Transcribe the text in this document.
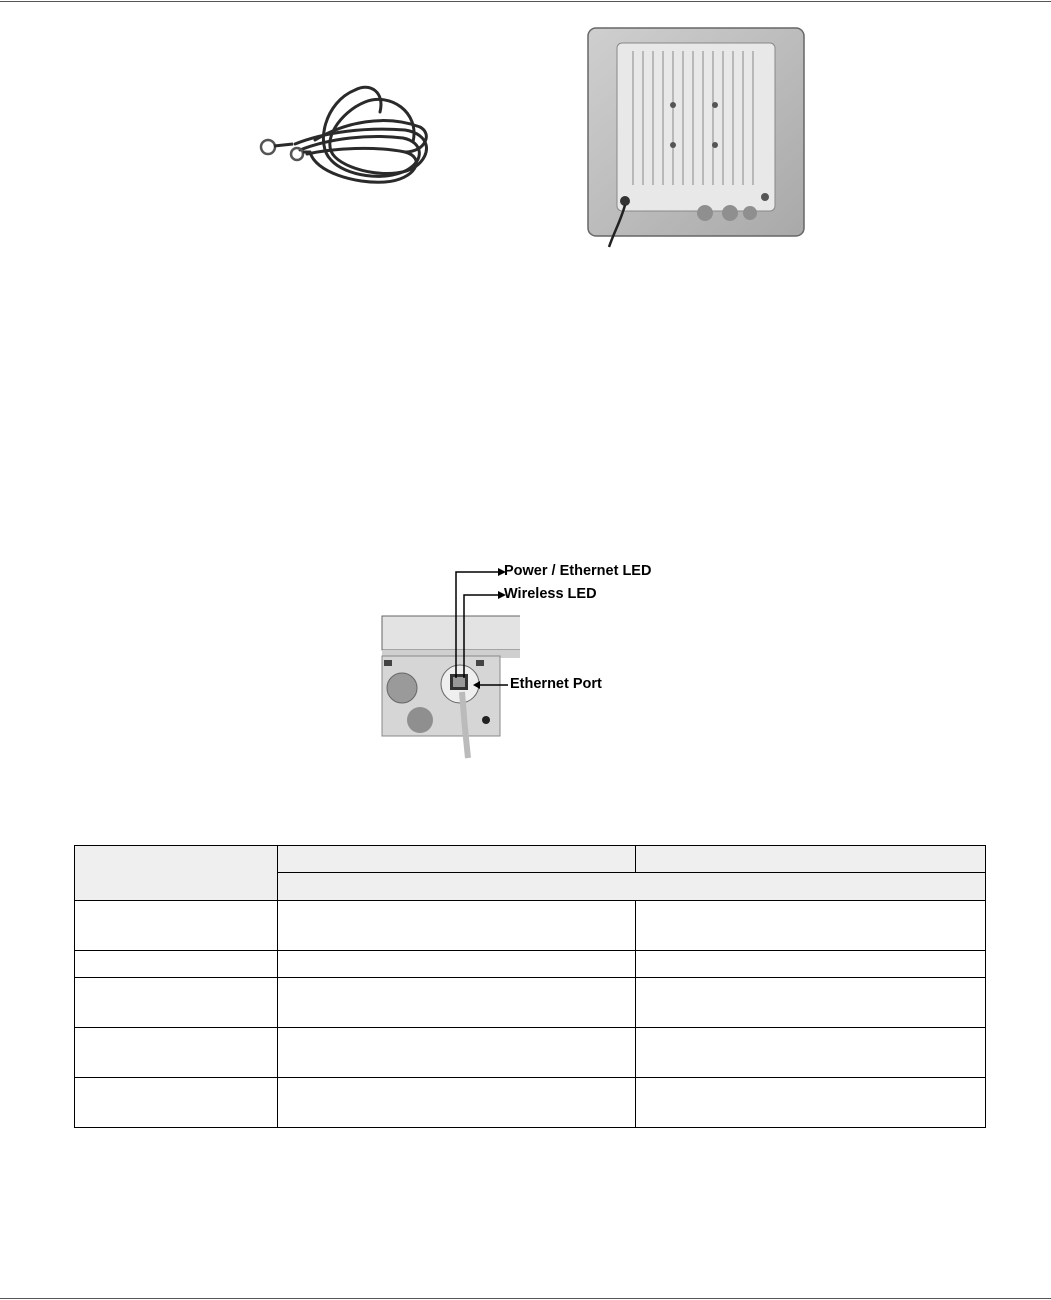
Power / Ethernet LED
Wireless LED
Ethernet Port
